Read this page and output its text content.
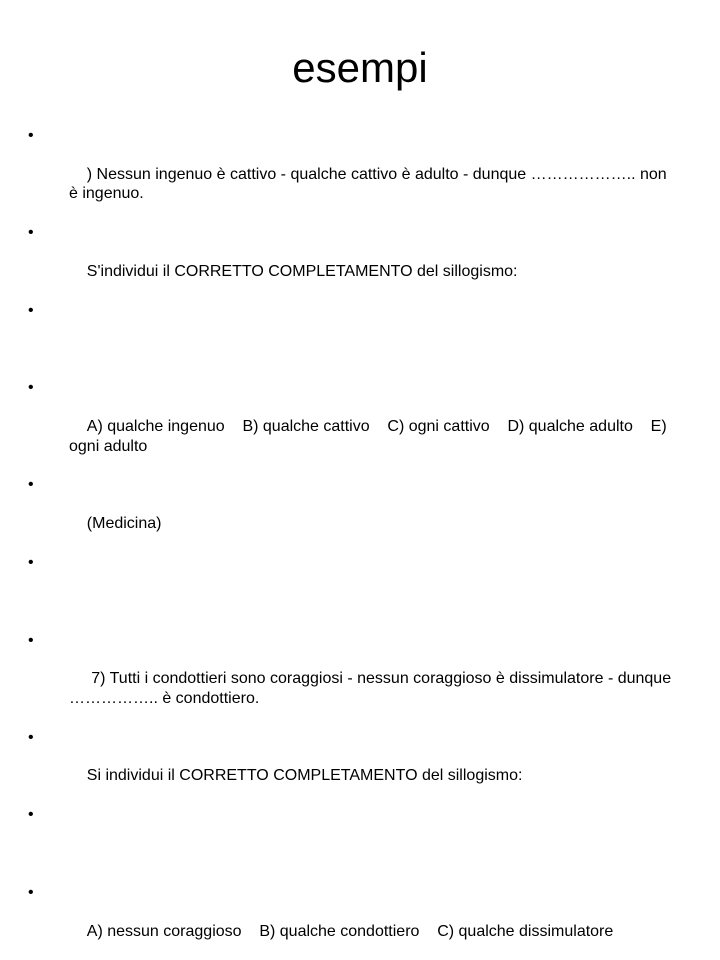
esempi

•

) Nessun ingenuo è cattivo - qualche cattivo è adulto - dunque ……………….. non è ingenuo.

•

S'individui il CORRETTO COMPLETAMENTO del sillogismo:

•

•

A) qualche ingenuo    B) qualche cattivo    C) ogni cattivo    D) qualche adulto    E) ogni adulto

•

(Medicina)

•

•

7) Tutti i condottieri sono coraggiosi - nessun coraggioso è dissimulatore - dunque …………….. è condottiero.

•

Si individui il CORRETTO COMPLETAMENTO del sillogismo:

•

•

A) nessun coraggioso    B) qualche condottiero    C) qualche dissimulatore
